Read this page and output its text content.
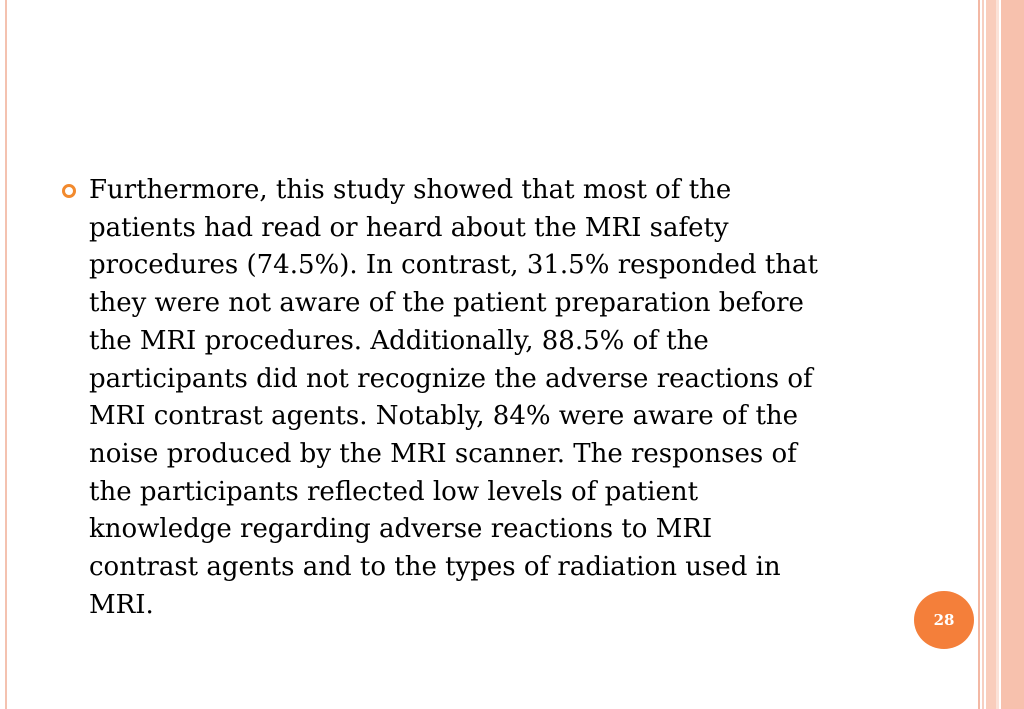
Furthermore, this study showed that most of the
patients had read or heard about the MRI safety
procedures (74.5%). In contrast, 31.5% responded that
they were not aware of the patient preparation before
the MRI procedures. Additionally, 88.5% of the
participants did not recognize the adverse reactions of
MRI contrast agents. Notably, 84% were aware of the
noise produced by the MRI scanner. The responses of
the participants reflected low levels of patient
knowledge regarding adverse reactions to MRI
contrast agents and to the types of radiation used in
MRI.

28
